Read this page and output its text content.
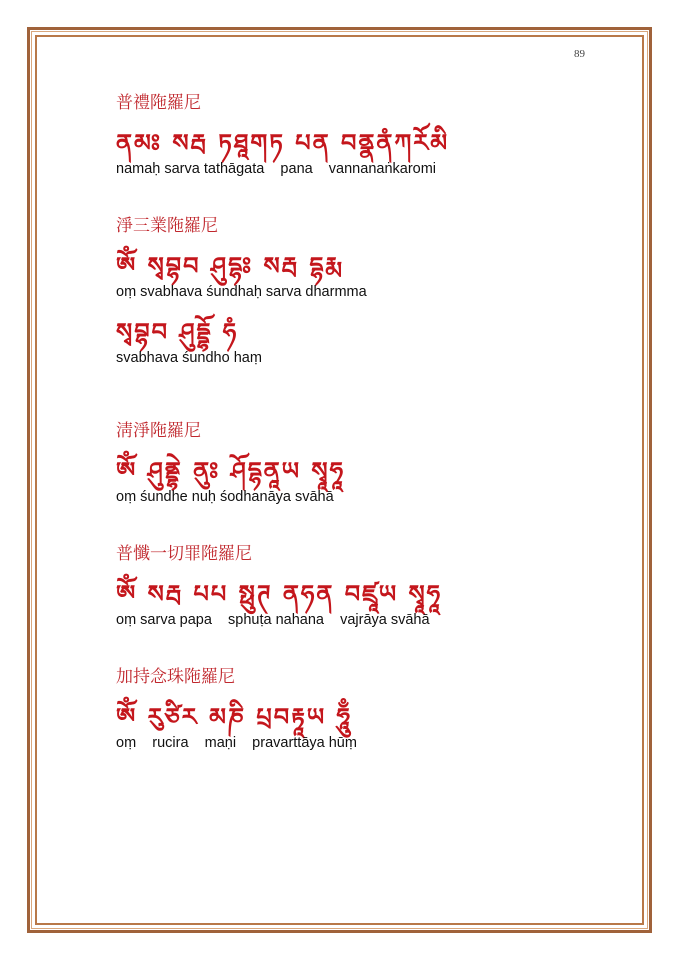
89
普禮陁羅尼
ནམཿ སརྦ ཏཐཱགཏ པན བནྣནཾཀརོམི
namaḥ sarva tathāgata    pana    vannanaṅkaromi
淨三業陁羅尼
ཨོཾ སྭབྷབ ཤུདྷཿ སརྦ དྷརྨ
oṃ svabhava śundhaḥ sarva dharmma
སྭབྷབ ཤུདྡྷོ ཧཾ
svabhava śundho haṃ
淸淨陁羅尼
ཨོཾ ཤུནྡྷེ ནུཿ ཤོདྷནཱཡ སྭཱཧཱ
oṃ śundhe nuḥ śodhanāya svāhā
普懺一切罪陁羅尼
ཨོཾ སརྦ པཔ སྥུཊ ནཧན བཛྲཱཡ སྭཱཧཱ
oṃ sarva papa    sphuṭa nahana    vajrāya svāhā
加持念珠陁羅尼
ཨོཾ རུཙིར མཎི པྲབརྟཱཡ ཧཱུྃ
oṃ    rucira    maṇi    pravarttāya hūṃ
